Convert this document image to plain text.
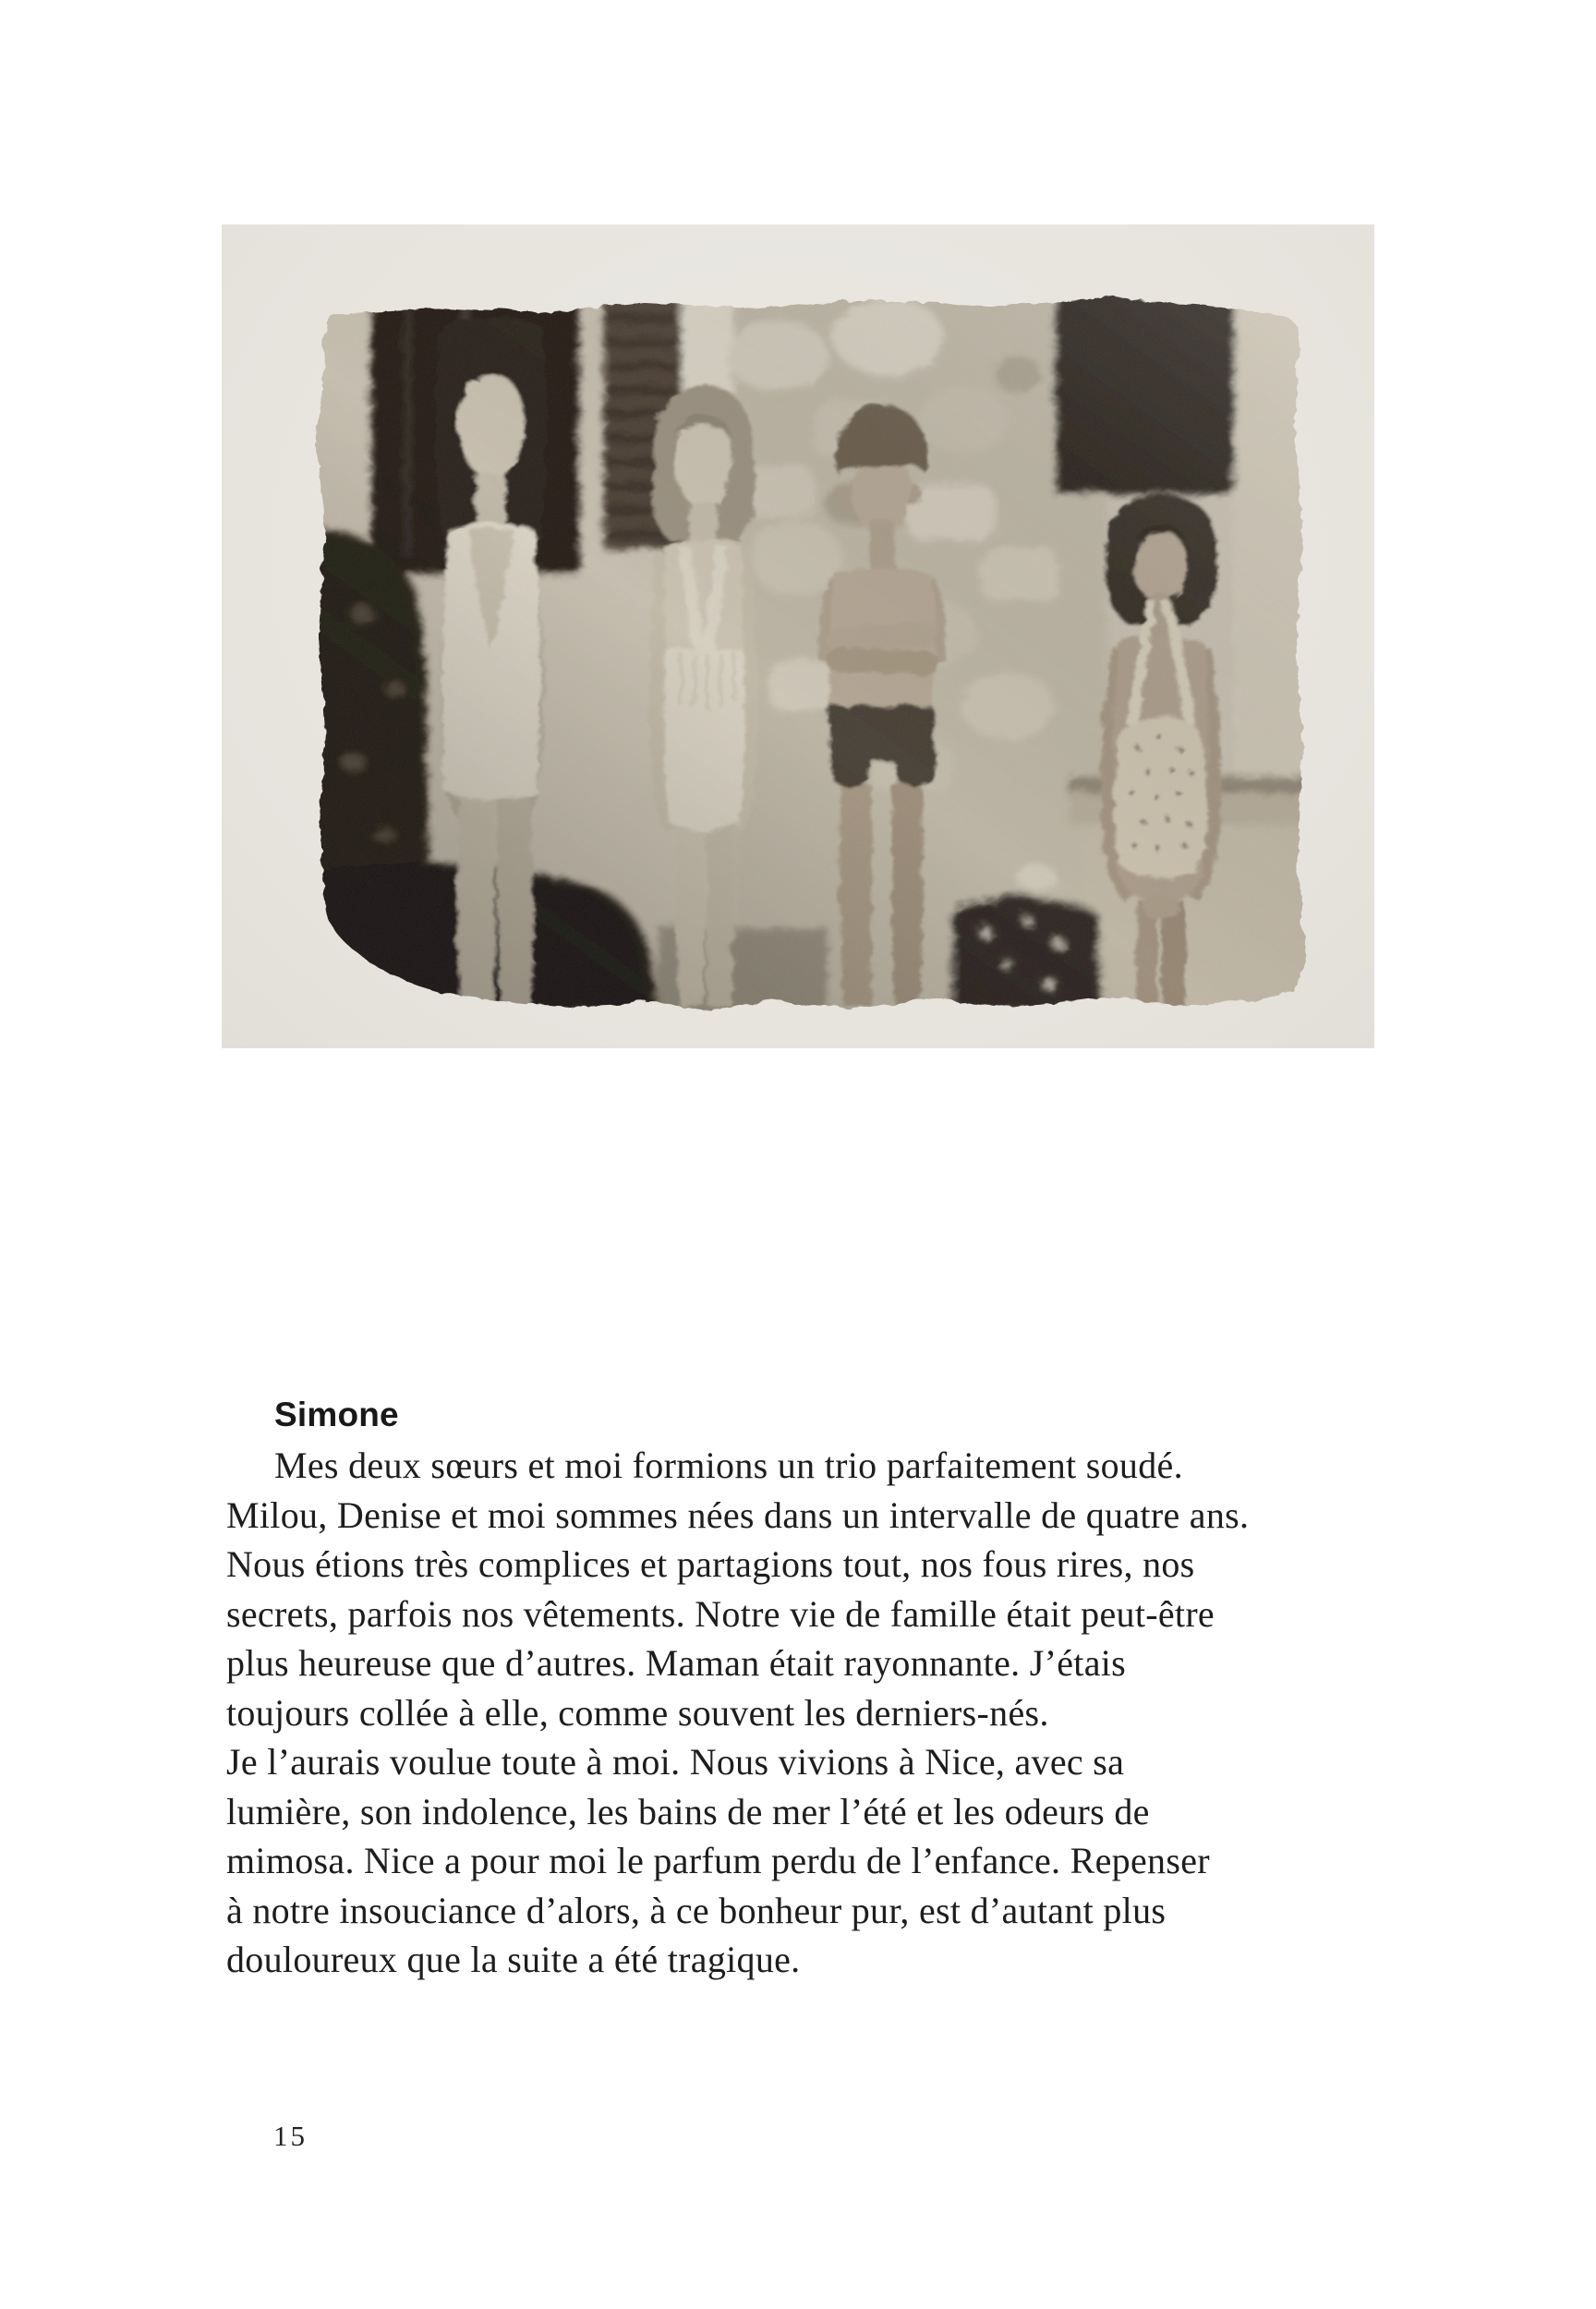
Simone
Mes deux sœurs et moi formions un trio parfaitement soudé.
Milou, Denise et moi sommes nées dans un intervalle de quatre ans.
Nous étions très complices et partagions tout, nos fous rires, nos
secrets, parfois nos vêtements. Notre vie de famille était peut-être
plus heureuse que d’autres. Maman était rayonnante. J’étais
toujours collée à elle, comme souvent les derniers-nés.
Je l’aurais voulue toute à moi. Nous vivions à Nice, avec sa
lumière, son indolence, les bains de mer l’été et les odeurs de
mimosa. Nice a pour moi le parfum perdu de l’enfance. Repenser
à notre insouciance d’alors, à ce bonheur pur, est d’autant plus
douloureux que la suite a été tragique.
15
